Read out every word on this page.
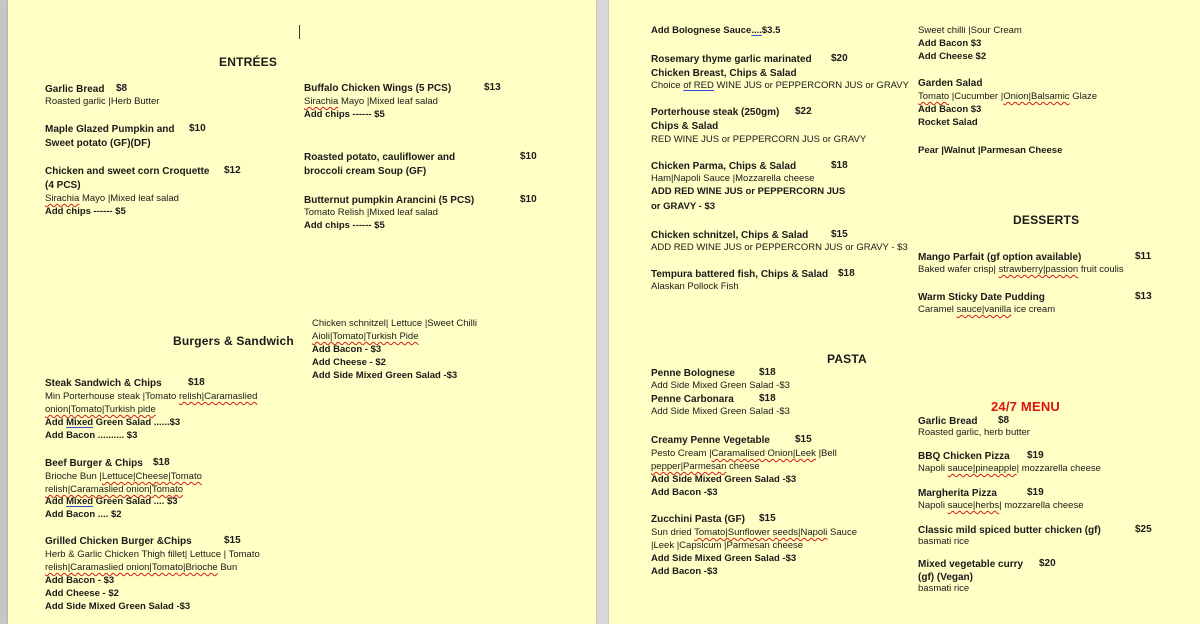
ENTRÉES
Garlic Bread $8
Roasted garlic |Herb Butter
Maple Glazed Pumpkin and $10
Sweet potato (GF)(DF)
Chicken and sweet corn Croquette $12
(4 PCS)
Sirachia Mayo |Mixed leaf salad
Add chips ------ $5
Buffalo Chicken Wings (5 PCS)	$13
Sirachia Mayo |Mixed leaf salad
Add chips ------ $5
Roasted potato, cauliflower and	$10
broccoli cream Soup (GF)
Butternut pumpkin Arancini (5 PCS)	$10
Tomato Relish |Mixed leaf salad
Add chips ------ $5
Burgers & Sandwich
Chicken schnitzel| Lettuce |Sweet Chilli
Aioli|Tomato|Turkish Pide
Add Bacon - $3
Add Cheese - $2
Add Side Mixed Green Salad -$3
Steak Sandwich & Chips	$18
Min Porterhouse steak |Tomato relish|Caramaslied
onion|Tomato|Turkish pide
Add Mixed Green Salad ......$3
Add Bacon .......... $3
Beef Burger & Chips $18
Brioche Bun |Lettuce|Cheese|Tomato
relish|Caramaslied onion|Tomato
Add Mixed Green Salad .... $3
Add Bacon .... $2
Grilled Chicken Burger &Chips	$15
Herb & Garlic Chicken Thigh fillet| Lettuce | Tomato
relish|Caramaslied onion|Tomato|Brioche Bun
Add Bacon - $3
Add Cheese - $2
Add Side Mixed Green Salad -$3
Add Bolognese Sauce....$3.5
Rosemary thyme garlic marinated $20
Chicken Breast, Chips & Salad
Choice of RED WINE JUS or PEPPERCORN JUS or GRAVY
Porterhouse steak (250gm) $22
Chips & Salad
RED WINE JUS or PEPPERCORN JUS or GRAVY
Chicken Parma, Chips & Salad	$18
Ham|Napoli Sauce |Mozzarella cheese
ADD RED WINE JUS or PEPPERCORN JUS
or GRAVY - $3
Chicken schnitzel, Chips & Salad $15
ADD RED WINE JUS or PEPPERCORN JUS or GRAVY - $3
Tempura battered fish, Chips & Salad $18
Alaskan Pollock Fish
PASTA
Penne Bolognese $18
Add Side Mixed Green Salad -$3
Penne Carbonara	$18
Add Side Mixed Green Salad -$3
Creamy Penne Vegetable	$15
Pesto Cream |Caramalised Onion|Leek |Bell
pepper|Parmesan cheese
Add Side Mixed Green Salad -$3
Add Bacon -$3
Zucchini Pasta (GF) $15
Sun dried Tomato|Sunflower seeds|Napoli Sauce
|Leek |Capsicum |Parmesan cheese
Add Side Mixed Green Salad -$3
Add Bacon -$3
Sweet chilli |Sour Cream
Add Bacon $3
Add Cheese $2
Garden Salad
Tomato |Cucumber |Onion|Balsamic Glaze
Add Bacon $3
Rocket Salad
Pear |Walnut |Parmesan Cheese
DESSERTS
Mango Parfait (gf option available)	$11
Baked wafer crisp| strawberry|passion fruit coulis
Warm Sticky Date Pudding	$13
Caramel sauce|vanilla ice cream
24/7 MENU
Garlic Bread $8
Roasted garlic, herb butter
BBQ Chicken Pizza $19
Napoli sauce|pineapple| mozzarella cheese
Margherita Pizza	$19
Napoli sauce|herbs| mozzarella cheese
Classic mild spiced butter chicken (gf)	$25
basmati rice
Mixed vegetable curry $20
(gf) (Vegan)
basmati rice
